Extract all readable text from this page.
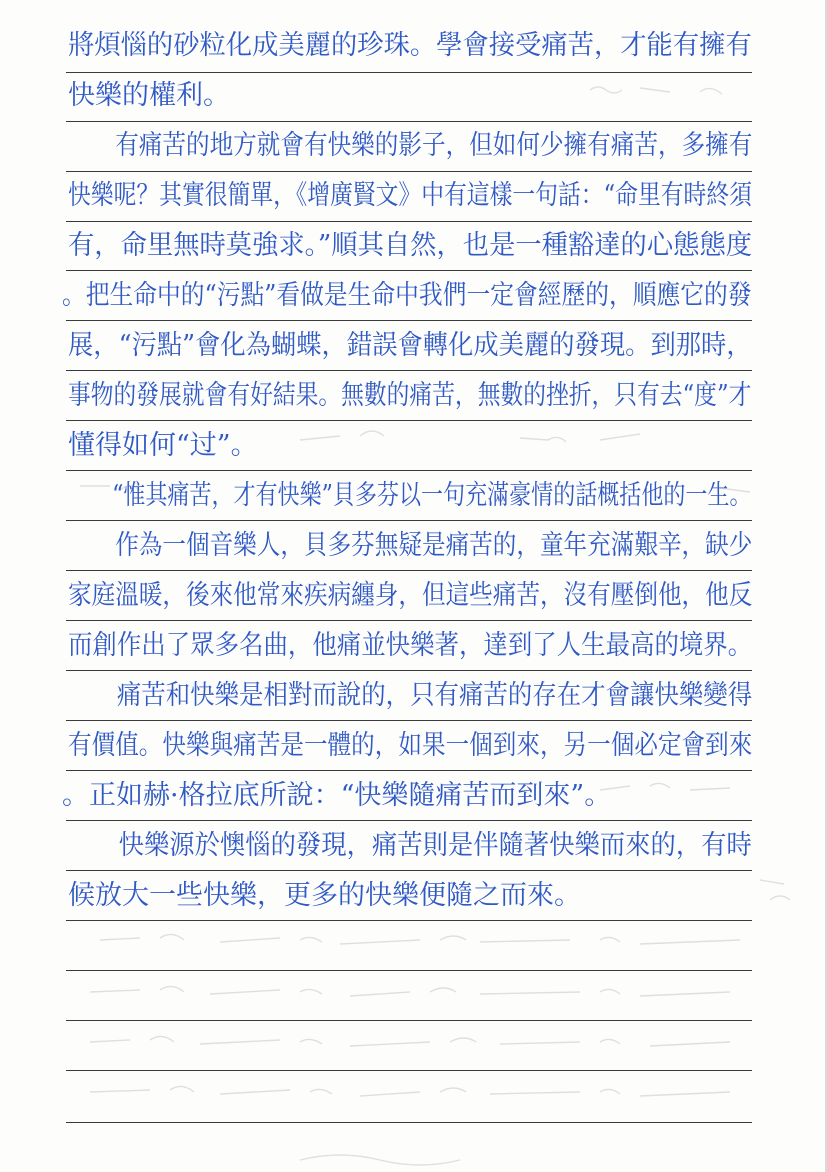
將煩惱的砂粒化成美麗的珍珠。學會接受痛苦，才能有擁有
快樂的權利。
　　有痛苦的地方就會有快樂的影子，但如何少擁有痛苦，多擁有
快樂呢？其實很簡單，《增廣賢文》中有這樣一句話：“命里有時終須
有，命里無時莫強求。”順其自然，也是一種豁達的心態態度
。把生命中的“污點”看做是生命中我們一定會經歷的，順應它的發
展，“污點”會化為蝴蝶，錯誤會轉化成美麗的發現。到那時，
事物的發展就會有好結果。無數的痛苦，無數的挫折，只有去“度”才
懂得如何“过”。
　　“惟其痛苦，才有快樂”貝多芬以一句充滿豪情的話概括他的一生。
　　作為一個音樂人，貝多芬無疑是痛苦的，童年充滿艱辛，缺少
家庭溫暖，後來他常來疾病纏身，但這些痛苦，沒有壓倒他，他反
而創作出了眾多名曲，他痛並快樂著，達到了人生最高的境界。
　　痛苦和快樂是相對而說的，只有痛苦的存在才會讓快樂變得
有價值。快樂與痛苦是一體的，如果一個到來，另一個必定會到來
。正如赫·格拉底所說：“快樂隨痛苦而到來”。
　　快樂源於懊惱的發現，痛苦則是伴隨著快樂而來的，有時
候放大一些快樂，更多的快樂便隨之而來。
